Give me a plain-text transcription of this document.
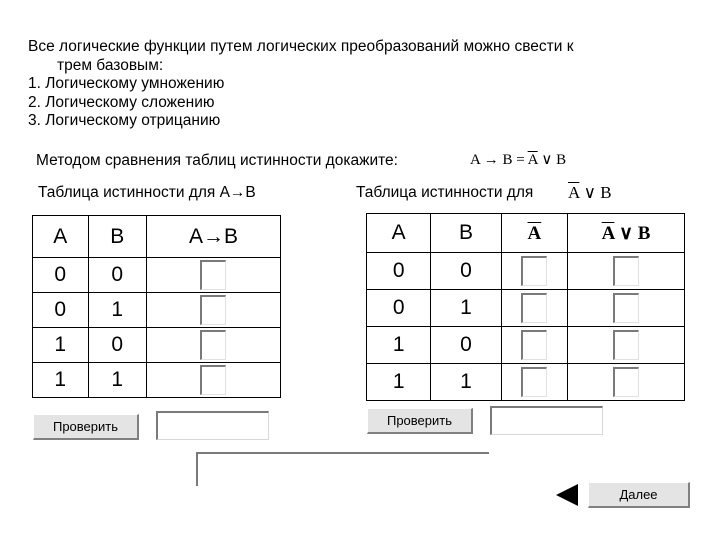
Все логические функции путем логических преобразований можно свести к
трем базовым:
1. Логическому умножению
2. Логическому сложению
3. Логическому отрицанию
Методом сравнения таблиц истинности докажите:	$A \to B = \overline{A}$ ∨ B
Таблица истинности для А→В	Таблица истинности для $\overline{A}$ ∨ B
А	В	А→В
0	0	
0	1	
1	0	
1	1	
А	В	$\overline{A}$	$\overline{A}$ ∨ B
0	0		
0	1		
1	0		
1	1		
Проверить	Проверить
Далее
